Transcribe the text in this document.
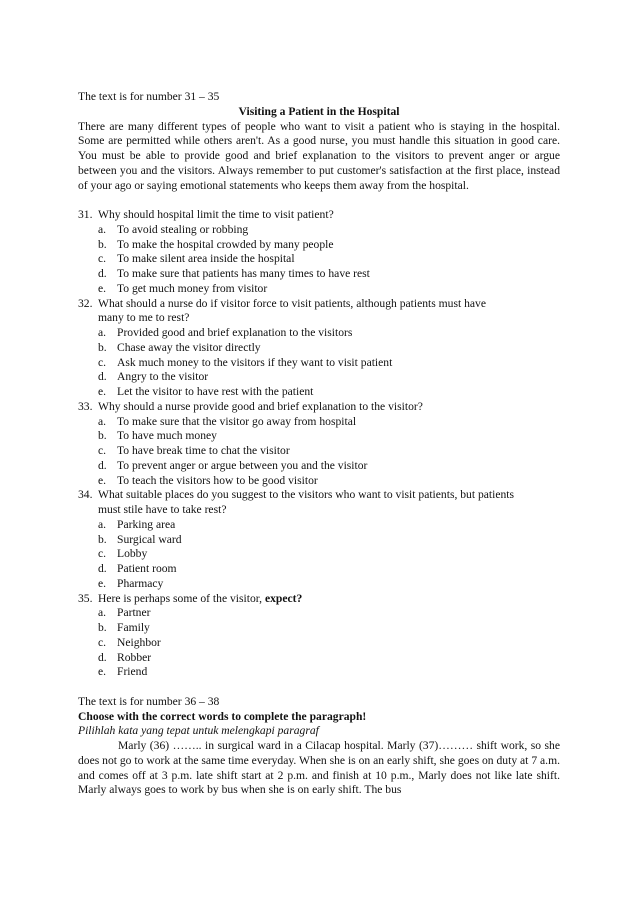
The text is for number 31 – 35
Visiting a Patient in the Hospital
There are many different types of people who want to visit a patient who is staying in the hospital. Some are permitted while others aren't. As a good nurse, you must handle this situation in good care. You must be able to provide good and brief explanation to the visitors to prevent anger or argue between you and the visitors. Always remember to put customer's satisfaction at the first place, instead of your ago or saying emotional statements who keeps them away from the hospital.
31. Why should hospital limit the time to visit patient?
a. To avoid stealing or robbing
b. To make the hospital crowded by many people
c. To make silent area inside the hospital
d. To make sure that patients has many times to have rest
e. To get much money from visitor
32. What should a nurse do if visitor force to visit patients, although patients must have
many to me to rest?
a. Provided good and brief explanation to the visitors
b. Chase away the visitor directly
c. Ask much money to the visitors if they want to visit patient
d. Angry to the visitor
e. Let the visitor to have rest with the patient
33. Why should a nurse provide good and brief explanation to the visitor?
a. To make sure that the visitor go away from hospital
b. To have much money
c. To have break time to chat the visitor
d. To prevent anger or argue between you and the visitor
e. To teach the visitors how to be good visitor
34. What suitable places do you suggest to the visitors who want to visit patients, but patients
must stile have to take rest?
a. Parking area
b. Surgical ward
c. Lobby
d. Patient room
e. Pharmacy
35. Here is perhaps some of the visitor, expect?
a. Partner
b. Family
c. Neighbor
d. Robber
e. Friend
The text is for number 36 – 38
Choose with the correct words to complete the paragraph!
Pilihlah kata yang tepat untuk melengkapi paragraf
Marly (36) …….. in surgical ward in a Cilacap hospital. Marly (37)……… shift work, so she does not go to work at the same time everyday. When she is on an early shift, she goes on duty at 7 a.m. and comes off at 3 p.m. late shift start at 2 p.m. and finish at 10 p.m., Marly does not like late shift. Marly always goes to work by bus when she is on early shift. The bus
